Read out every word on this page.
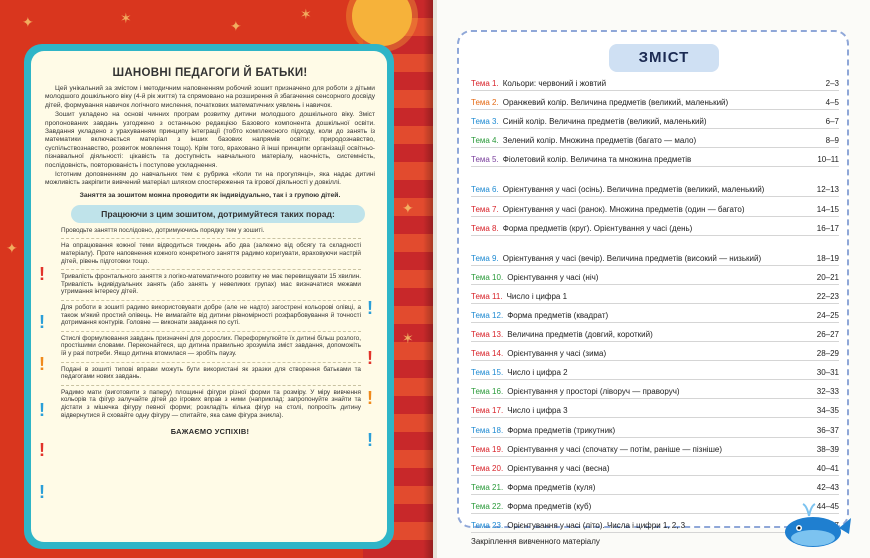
✦	✶	✦
✶
✦
✦
✶
ШАНОВНІ ПЕДАГОГИ Й БАТЬКИ!

Цей унікальний за змістом і методичним наповненням робочий зошит призначено для роботи з дітьми молодшого дошкільного віку (4-й рік життя) та спрямовано на розширення й збагачення сенсорного досвіду дітей, формування навичок логічного мислення, початкових математичних уявлень і навичок.

Зошит укладено на основі чинних програм розвитку дитини молодшого дошкільного віку. Зміст пропонованих завдань узгоджено з останньою редакцією Базового компонента дошкільної освіти. Завдання укладено з урахуванням принципу інтеграції (тобто комплексного підходу, коли до занять із математики включається матеріал з інших базових напрямів освіти: природознавство, суспільствознавство, розвиток мовлення тощо). Крім того, враховано й інші принципи організації освітньо-пізнавальної діяльності: цікавість та доступність навчального матеріалу, наочність, системність, послідовність, повторюваність і поступове ускладнення.

Істотним доповненням до навчальних тем є рубрика «Коли ти на прогулянці», яка надає дитині можливість закріпити вивчений матеріал шляхом спостереження та ігрової діяльності у довкіллі.

Заняття за зошитом можна проводити як індивідуально, так і з групою дітей.
Працюючи з цим зошитом, дотримуйтеся таких порад:
!
!
!
!	!
!
!
!	!
!
Проводьте заняття послідовно, дотримуючись порядку тем у зошиті.
На опрацювання кожної теми відводиться тиждень або два (залежно від обсягу та складності матеріалу). Проте наповнення кожного конкретного заняття радимо коригувати, враховуючи настрій дітей, рівень підготовки тощо.
Тривалість фронтального заняття з логіко-математичного розвитку не має перевищувати 15 хвилин. Тривалість індивідуальних занять (або занять у невеликих групах) мас визначатися межами утримання інтересу дітей.
Для роботи в зошиті радимо використовувати добре (але не надто) загострені кольорові олівці, а також м'який простий олівець. Не вимагайте від дитини рівномірності розфарбовування й точності дотримання контурів. Головне — виконати завдання по суті.
Стислі формулювання завдань призначені для дорослих. Переформулюйте їх дитині більш розлого, простішими словами. Переконайтеся, що дитина правильно зрозуміла зміст завдання, допоможіть їй у разі потреби. Якщо дитина втомилася — зробіть паузу.
Подані в зошиті типові вправи можуть бути використані як зразки для створення батьками та педагогами нових завдань.
Радимо мати (виготовити з паперу) площинні фігури різної форми та розміру. У міру вивчення кольорів та фігур залучайте дітей до ігрових вправ з ними (наприклад: запропонуйте знайти та дістати з мішечка фігуру певної форми; розкладіть кілька фігур на столі, попросіть дитину відвернутися й сховайте одну фігуру — спитайте, яка саме фігура зникла).
БАЖАЄМО УСПІХІВ!
ЗМІСТ
Тема 1. Кольори: червоний і жовтий	2–3
Тема 2. Оранжевий колір. Величина предметів (великий, маленький)	4–5
Тема 3. Синій колір. Величина предметів (великий, маленький)	6–7
Тема 4. Зелений колір. Множина предметів (багато — мало)	8–9
Тема 5. Фіолетовий колір. Величина та множина предметів	10–11
Тема 6. Орієнтування у часі (осінь). Величина предметів (великий, маленький)	12–13
Тема 7. Орієнтування у часі (ранок). Множина предметів (один — багато)	14–15
Тема 8. Форма предметів (круг). Орієнтування у часі (день)	16–17
Тема 9. Орієнтування у часі (вечір). Величина предметів (високий — низький)	18–19
Тема 10. Орієнтування у часі (ніч)	20–21
Тема 11. Число і цифра 1	22–23
Тема 12. Форма предметів (квадрат)	24–25
Тема 13. Величина предметів (довгий, короткий)	26–27
Тема 14. Орієнтування у часі (зима)	28–29
Тема 15. Число і цифра 2	30–31
Тема 16. Орієнтування у просторі (ліворуч — праворуч)	32–33
Тема 17. Число і цифра 3	34–35
Тема 18. Форма предметів (трикутник)	36–37
Тема 19. Орієнтування у часі (спочатку — потім, раніше — пізніше)	38–39
Тема 20. Орієнтування у часі (весна)	40–41
Тема 21. Форма предметів (куля)	42–43
Тема 22. Форма предметів (куб)	44–45
Тема 23. Орієнтування у часі (літо). Числа і цифри 1, 2, 3
Закріплення вивченного матеріалу
